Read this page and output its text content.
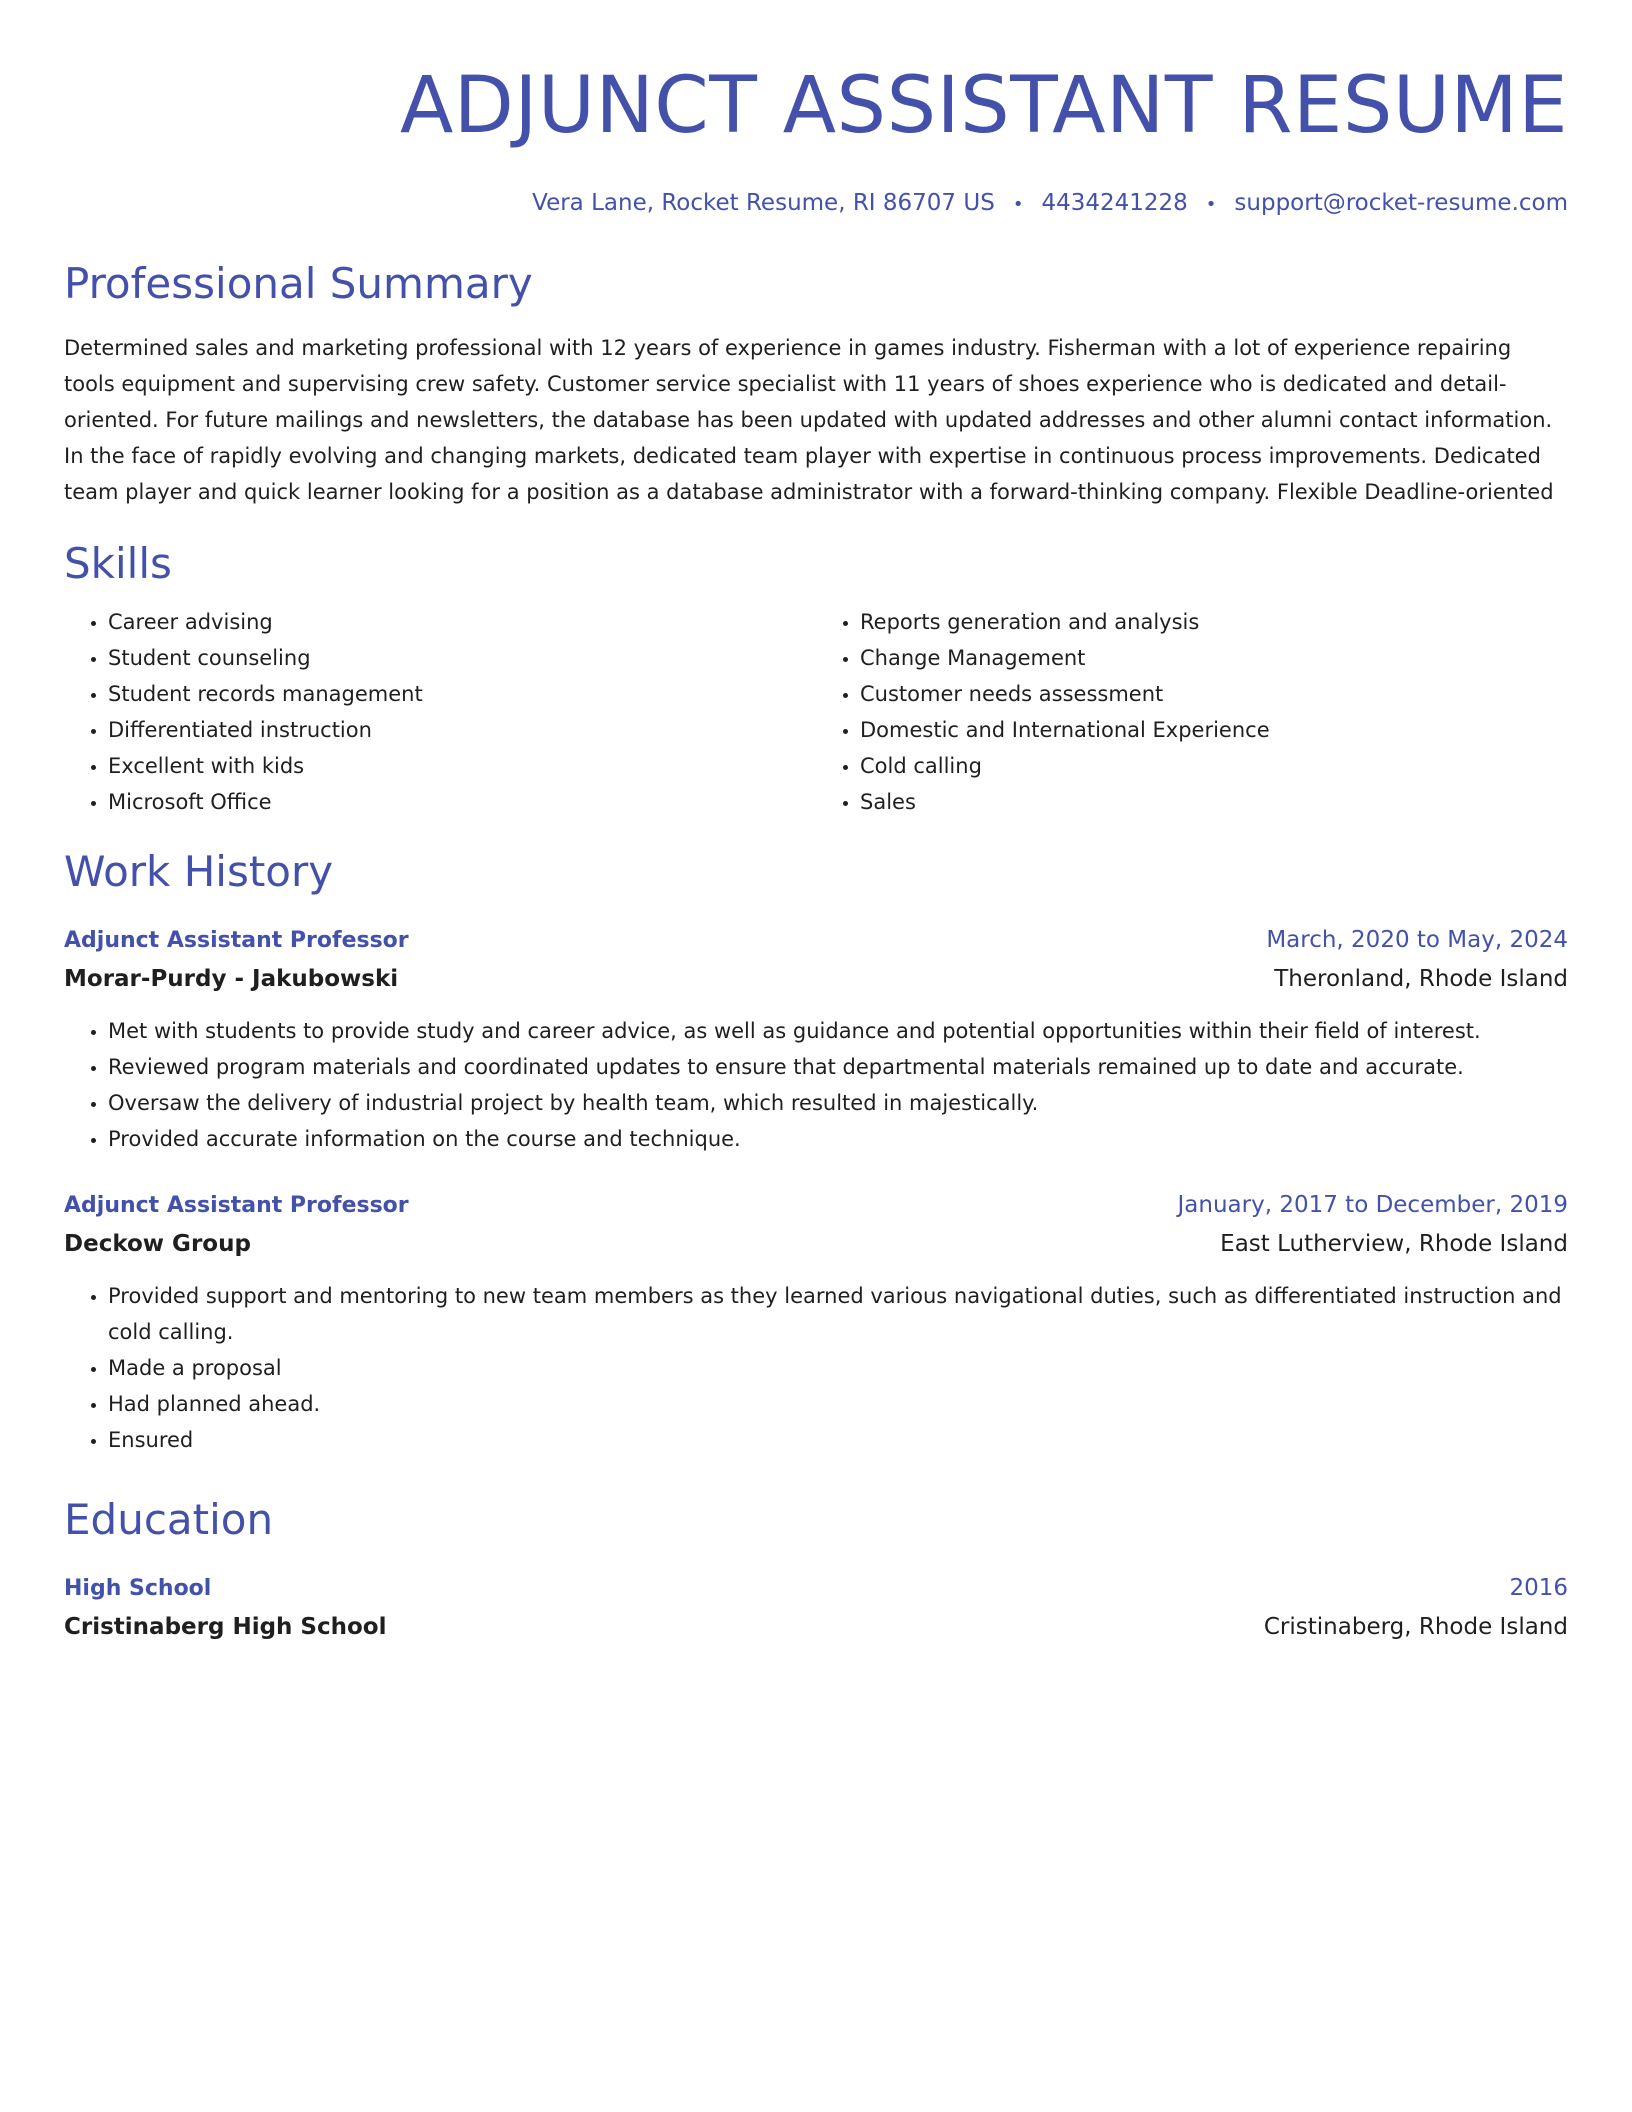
ADJUNCT ASSISTANT RESUME
Vera Lane, Rocket Resume, RI 86707 US • 4434241228 • support@rocket-resume.com
Professional Summary
Determined sales and marketing professional with 12 years of experience in games industry. Fisherman with a lot of experience repairing tools equipment and supervising crew safety. Customer service specialist with 11 years of shoes experience who is dedicated and detail-oriented. For future mailings and newsletters, the database has been updated with updated addresses and other alumni contact information. In the face of rapidly evolving and changing markets, dedicated team player with expertise in continuous process improvements. Dedicated team player and quick learner looking for a position as a database administrator with a forward-thinking company. Flexible Deadline-oriented
Skills
• Career advising
• Student counseling
• Student records management
• Differentiated instruction
• Excellent with kids
• Microsoft Office
• Reports generation and analysis
• Change Management
• Customer needs assessment
• Domestic and International Experience
• Cold calling
• Sales
Work History
Adjunct Assistant Professor	March, 2020 to May, 2024
Morar-Purdy - Jakubowski	Theronland, Rhode Island
• Met with students to provide study and career advice, as well as guidance and potential opportunities within their field of interest.
• Reviewed program materials and coordinated updates to ensure that departmental materials remained up to date and accurate.
• Oversaw the delivery of industrial project by health team, which resulted in majestically.
• Provided accurate information on the course and technique.
Adjunct Assistant Professor	January, 2017 to December, 2019
Deckow Group	East Lutherview, Rhode Island
• Provided support and mentoring to new team members as they learned various navigational duties, such as differentiated instruction and cold calling.
• Made a proposal
• Had planned ahead.
• Ensured
Education
High School	2016
Cristinaberg High School	Cristinaberg, Rhode Island
